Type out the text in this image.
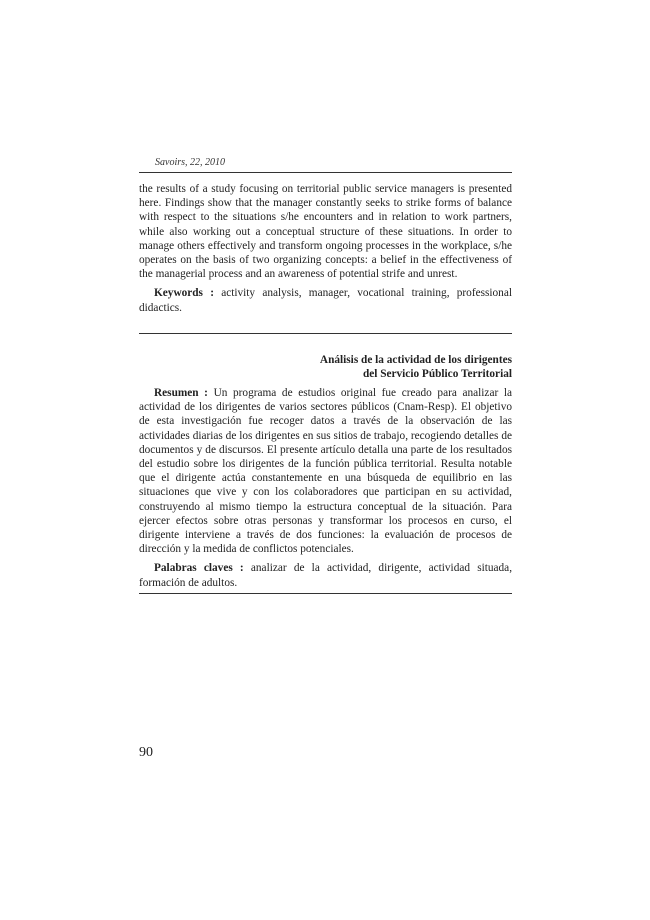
Savoirs, 22, 2010

the results of a study focusing on territorial public service managers is presented here. Findings show that the manager constantly seeks to strike forms of balance with respect to the situations s/he encounters and in relation to work partners, while also working out a conceptual structure of these situations. In order to manage others effectively and transform ongoing processes in the workplace, s/he operates on the basis of two organizing concepts: a belief in the effectiveness of the managerial process and an awareness of potential strife and unrest.

Keywords : activity analysis, manager, vocational training, professional didactics.

Análisis de la actividad de los dirigentes
del Servicio Público Territorial

Resumen : Un programa de estudios original fue creado para analizar la actividad de los dirigentes de varios sectores públicos (Cnam-Resp). El objetivo de esta investigación fue recoger datos a través de la observación de las actividades diarias de los dirigentes en sus sitios de trabajo, recogiendo detalles de documentos y de discursos. El presente artículo detalla una parte de los resultados del estudio sobre los dirigentes de la función pública territorial. Resulta notable que el dirigente actúa constantemente en una búsqueda de equilibrio en las situaciones que vive y con los colaboradores que participan en su actividad, construyendo al mismo tiempo la estructura conceptual de la situación. Para ejercer efectos sobre otras personas y transformar los procesos en curso, el dirigente interviene a través de dos funciones: la evaluación de procesos de dirección y la medida de conflictos potenciales.

Palabras claves : analizar de la actividad, dirigente, actividad situada, formación de adultos.

90
